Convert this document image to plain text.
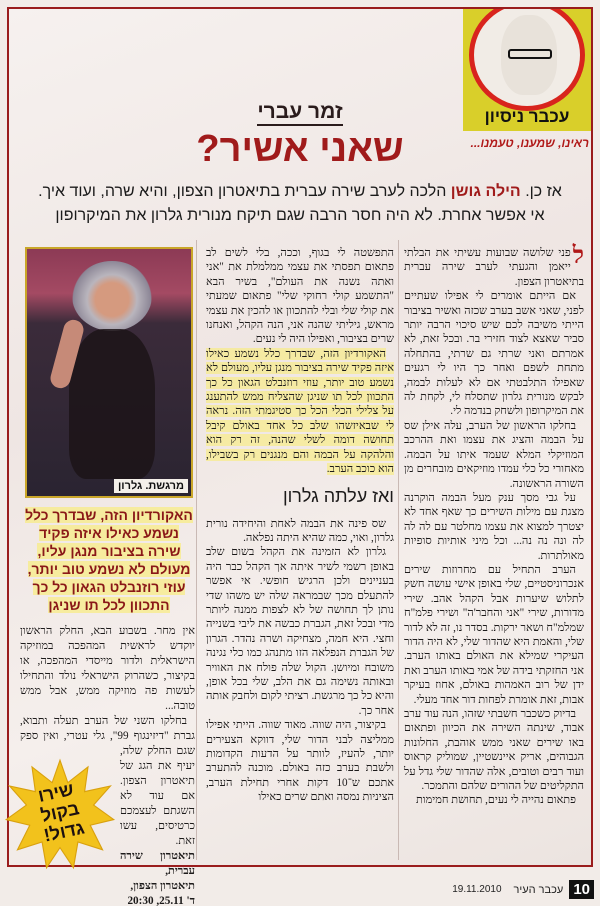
עכבר ניסיון
ראינו, שמענו, טעמנו...
זמר עברי
שאני אשיר?
אז כן. הילה גושן הלכה לערב שירה עברית בתיאטרון הצפון, והיא שרה, ועוד איך.
אי אפשר אחרת. לא היה חסר הרבה שגם תיקח מנורית גלרון את המיקרופון

ל
פני שלושה שבועות עשיתי את הבלתי ייאמן והגעתי לערב שירה עברית בתיאטרון הצפון.

אם הייתם אומרים לי אפילו שעתיים לפני, שאני אשב בערב שכזה ואשיר בציבור הייתי משיבה לכם שיש סיכוי הרבה יותר סביר שאצא לצוד חזירי בר. ובכל זאת, לא אמרתם ואני שרתי גם שרתי, בהתחלה מתחת לשפם ואחר כך היו לי רגעים שאפילו התלבטתי אם לא לעלות לבמה, לבקש מנורית גלרון שתסלח לי, לקחת לה את המיקרופון ולשחק בנדמה לי.

בחלקו הראשון של הערב, עלה אילן שס על הבמה והציג את עצמו ואת ההרכב המוזיקלי המלא שעמד איתו על הבמה. מאחורי כל כלי עמדו מוזיקאים מובחרים מן השורה הראשונה.

על גבי מסך ענק מעל הבמה הוקרנה מצגת עם מילות השירים כך שאף אחד לא יצטרך למצוא את עצמו מחלטר עם לה לה לה ונה נה נה... וכל מיני אותיות סופיות מאולתרות.

הערב התחיל עם מחרוזות שירים אנכרוניסטיים, שלי באופן אישי עושה חשק לתלוש שיערות אבל הקהל אהב. שירי מדורות, שירי "אני והחבר'ה" ושירי פלמ"ח שמלמ"ח ושאר ירקות. בסדר נו, זה לא לדור שלי, והאמת היא שהדור שלי, לא היה הדור העיקרי שמילא את האולם באותו הערב. אני החזקתי בידה של אמי באותו הערב ואת ידן של רוב האמהות באולם, אחוז בעיקר אבות, זאת אומרת לפחות דור אחד מעלי.

בדיוק כשכבר חשבתי שזהו, הנה עוד ערב אבוד, שינתה השירה את הכיוון ופתאום באו שירים שאני ממש אוהבת, החלונות הגבוהים, אריק איינשטיין, שמוליק קראוס ועוד רבים וטובים, אלה שהדור שלי גדל על התקליטים של ההורים שלהם והתמכר.

פתאום נהייה לי נעים, תחושת חמימות

התפשטה לי בגוף, וככה, בלי לשים לב פתאום תפסתי את עצמי ממלמלת את "אני ואתה נשנה את העולם", בשיר הבא "התשמע קולי רחוקי שלי" פתאום שמעתי את קולי שלי ובלי להתכוון או להכין את עצמי מראש, גיליתי שהנה אני, הנה הקהל, ואנחנו שרים בציבור, ואפילו היה לי נעים.

האקורדיון הזה, שבדרך כלל נשמע כאילו איזה פקיד שירה בציבור מנגן עליו, מעולם לא נשמע טוב יותר, עוזי רוזנבלט הגאון כל כך התכוון לכל תו שניגן שהצליח ממש להתענג על צלילי הכלי הכל כך סטיגמתי הזה. נראה לי שבאיזשהו שלב כל אחד באולם קיבל תחושה דומה לשלי שהנה, זה רק הוא והלהקה על הבמה והם מנגנים רק בשבילו, הוא כוכב הערב.

ואז עלתה גלרון

שס פינה את הבמה לאחת והיחידה נורית גלרון, ואוי, כמה שהיא היתה נפלאה.

גלרון לא הזמינה את הקהל בשום שלב באופן רשמי לשיר איתה אך הקהל כבר היה בעניינים ולכן הרגיש חופשי. אי אפשר להתעלם מכך שבמראה שלה יש משהו שדי נותן לך תחושה של לא לצפות ממנה ליותר מדי ובכל זאת, הגברת כבשה את ליבי בשנייה וחצי. היא חמה, מצחיקה ושרה נהדר. הגרון של הגברת הנפלאה הזו מתנהג כמו כלי נגינה משובח ומיושן. הקול שלה פולח את האוויר ובאותה נשימה גם את הלב, שלי בכל אופן, והיא כל כך מרגשת. רציתי לקום ולחבק אותה אחר כך.

בקיצור, היה שווה. מאוד שווה. הייתי אפילו ממליצה לבני הדור שלי, דווקא הצעירים יותר, להעיז, לוותר על הדעות הקדומות ולשבת בערב כזה באולם. מוכנה להתערב אתכם ש־10 דקות אחרי תחילת הערב, הציניות נמסה ואתם שרים כאילו

מרגשת. גלרון
האקורדיון הזה, שבדרך כלל נשמע כאילו איזה פקיד שירה בציבור מנגן עליו, מעולם לא נשמע טוב יותר, עוזי רוזנבלט הגאון כל כך התכוון לכל תו שניגן

אין מחר. בשבוע הבא, החלק הראשון יוקדש לראשית המהפכה במוזיקה הישראלית ולדור מייסדי המהפכה, או בקיצור, כשהרוק הישראלי נולד והתחילו לעשות פה מוזיקה ממש, אבל ממש טובה...

בחלקו השני של הערב תעלה ותבוא, גברת "דיזינגוף 99", גלי עטרי, ואין ספק שגם החלק שלה, יעיף את הגג של תיאטרון הצפון. אם עוד לא השגתם לעצמכם כרטיסים, עשו זאת.

תיאטרון שירה עברית,
תיאטרון הצפון,
ד' 25.11, 20:30

שירו בקול גדול!
10
עכבר העיר
19.11.2010
